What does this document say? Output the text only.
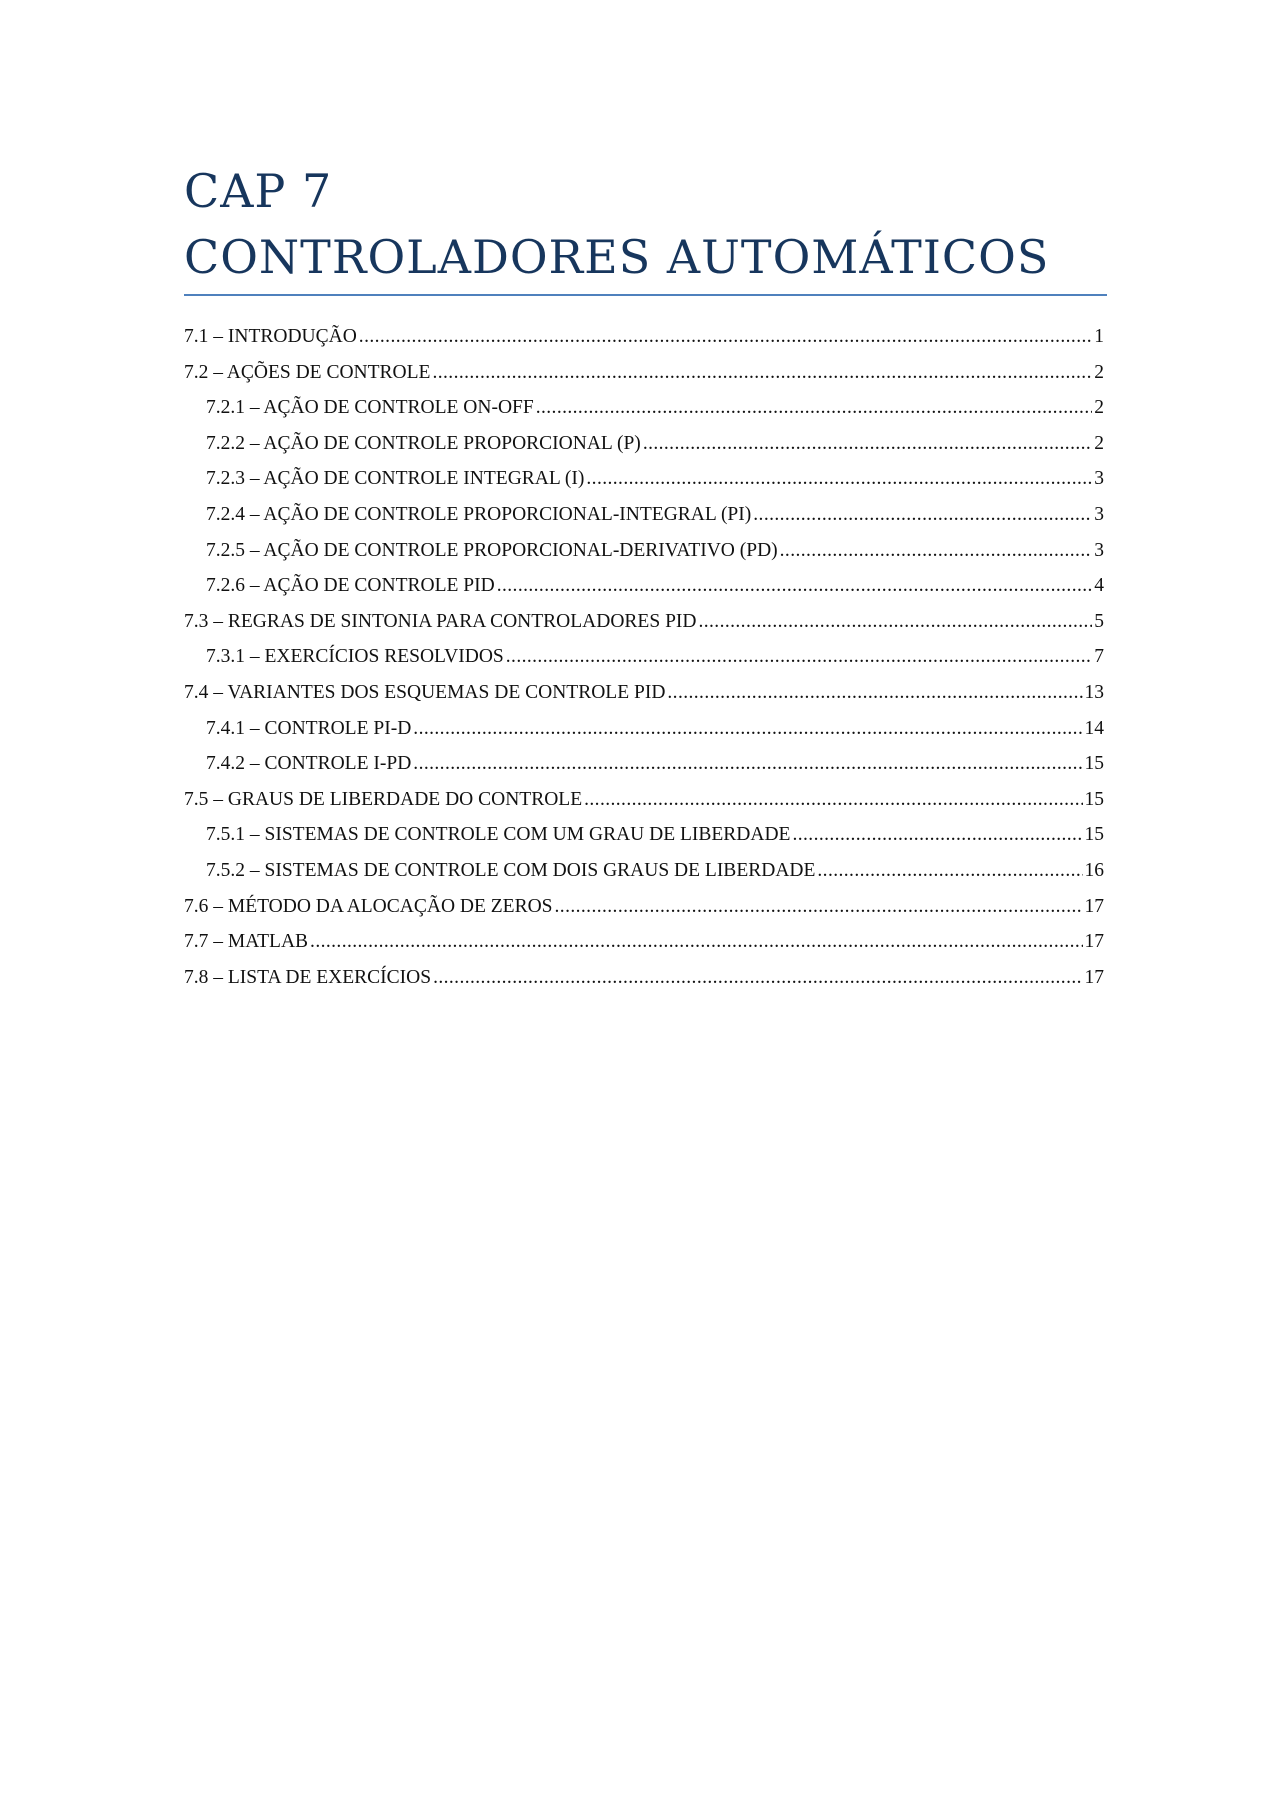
CAP 7
CONTROLADORES AUTOMÁTICOS
7.1 – INTRODUÇÃO .....	1
7.2 – AÇÕES DE CONTROLE .....	2
7.2.1 – AÇÃO DE CONTROLE ON-OFF .....	2
7.2.2 – AÇÃO DE CONTROLE PROPORCIONAL (P) .....	2
7.2.3 – AÇÃO DE CONTROLE INTEGRAL (I) .....	3
7.2.4 – AÇÃO DE CONTROLE PROPORCIONAL-INTEGRAL (PI) .....	3
7.2.5 – AÇÃO DE CONTROLE PROPORCIONAL-DERIVATIVO (PD) .....	3
7.2.6 – AÇÃO DE CONTROLE PID .....	4
7.3 – REGRAS DE SINTONIA PARA CONTROLADORES PID .....	5
7.3.1 – EXERCÍCIOS RESOLVIDOS .....	7
7.4 – VARIANTES DOS ESQUEMAS DE CONTROLE PID .....	13
7.4.1 – CONTROLE PI-D .....	14
7.4.2 – CONTROLE I-PD .....	15
7.5 – GRAUS DE LIBERDADE DO CONTROLE .....	15
7.5.1 – SISTEMAS DE CONTROLE COM UM GRAU DE LIBERDADE .....	15
7.5.2 – SISTEMAS DE CONTROLE COM DOIS GRAUS DE LIBERDADE .....	16
7.6 – MÉTODO DA ALOCAÇÃO DE ZEROS .....	17
7.7 – MATLAB .....	17
7.8 – LISTA DE EXERCÍCIOS .....	17
